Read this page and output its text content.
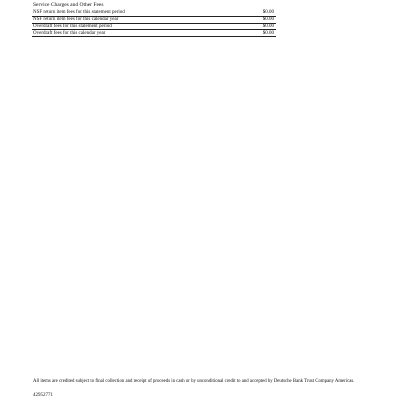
Service Charges and Other Fees
NSF return item fees for this statement period	$0.00
NSF return item fees for this calendar year	$0.00
Overdraft fees for this statement period	$0.00
Overdraft fees for this calendar year	$0.00
All items are credited subject to final collection and receipt of proceeds in cash or by unconditional credit to and accepted by Deutsche Bank Trust Company Americas.
42952771
